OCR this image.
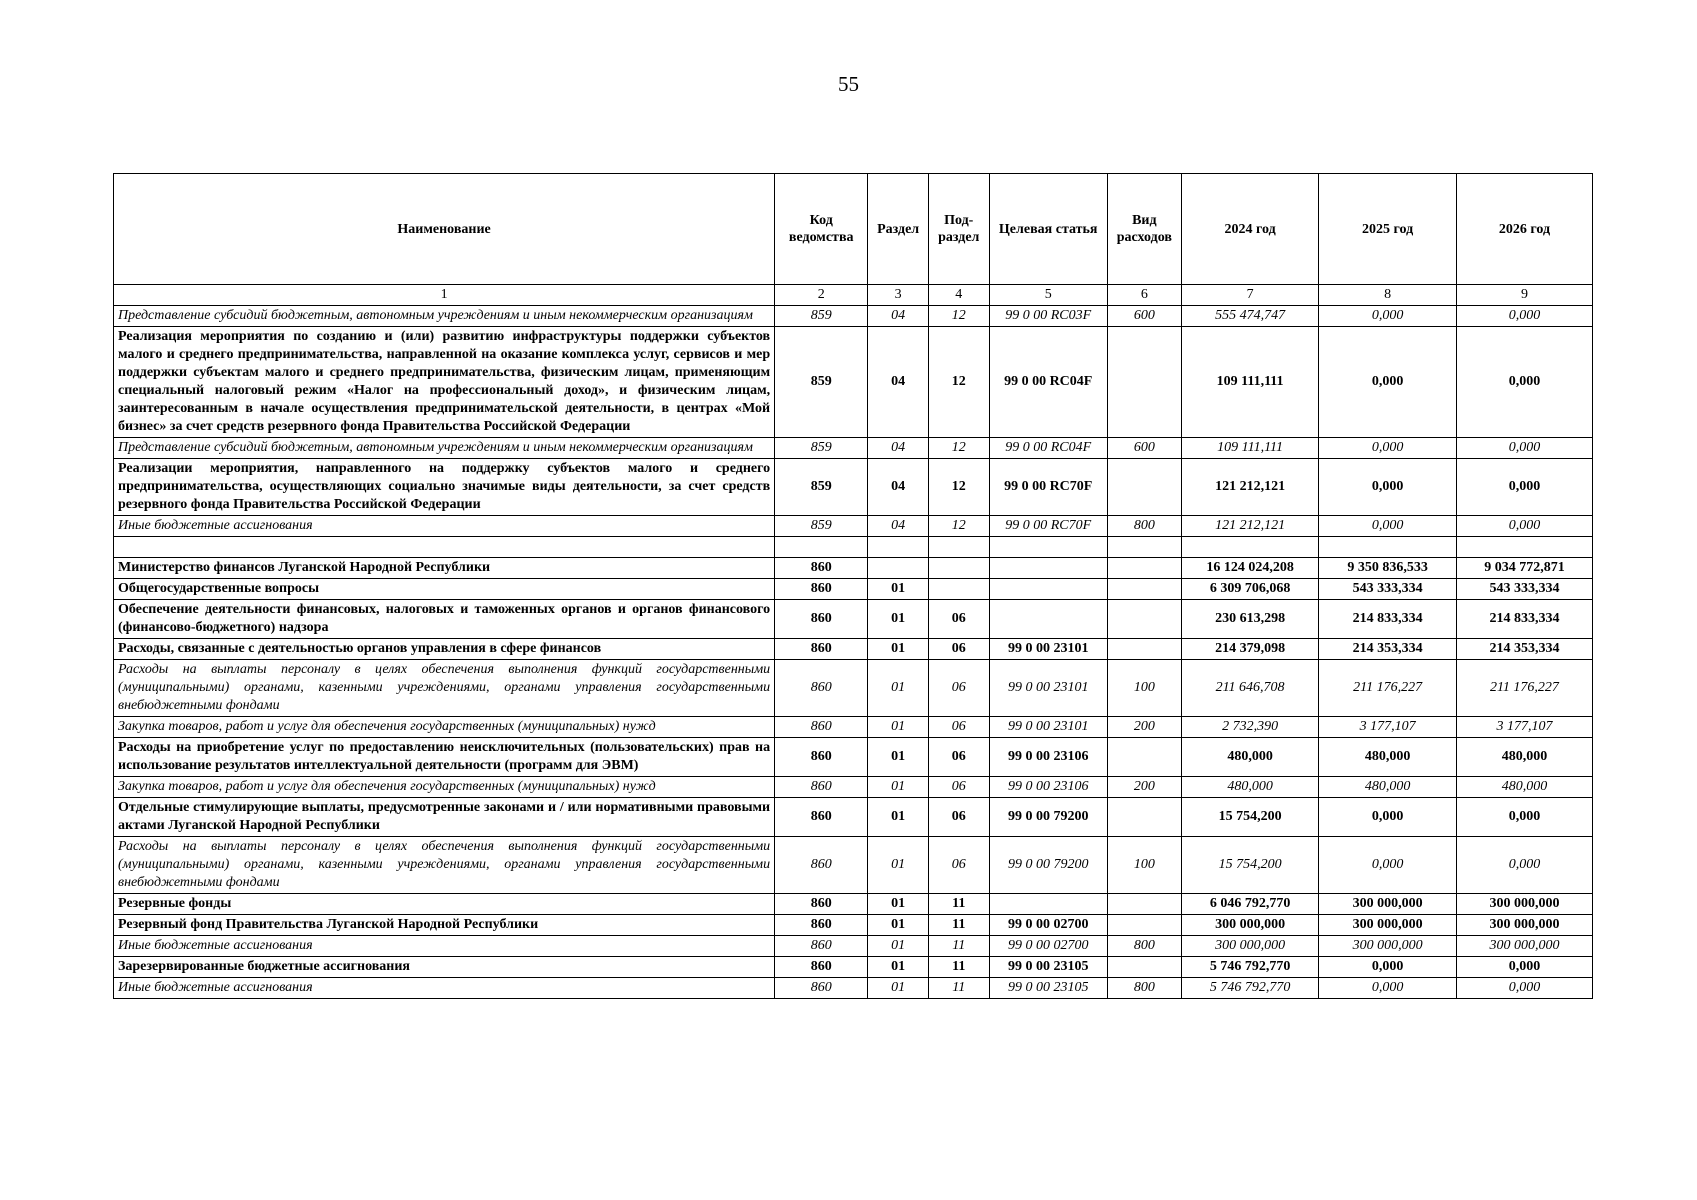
55
Наименование	Код ведомства	Раздел	Под-раздел	Целевая статья	Вид расходов	2024 год	2025 год	2026 год
1	2	3	4	5	6	7	8	9
Представление субсидий бюджетным, автономным учреждениям и иным некоммерческим организациям	859	04	12	99 0 00 RC03F	600	555 474,747	0,000	0,000
Реализация мероприятия по созданию и (или) развитию инфраструктуры поддержки субъектов малого и среднего предпринимательства, направленной на оказание комплекса услуг, сервисов и мер поддержки субъектам малого и среднего предпринимательства, физическим лицам, применяющим специальный налоговый режим «Налог на профессиональный доход», и физическим лицам, заинтересованным в начале осуществления предпринимательской деятельности, в центрах «Мой бизнес» за счет средств резервного фонда Правительства Российской Федерации	859	04	12	99 0 00 RC04F		109 111,111	0,000	0,000
Представление субсидий бюджетным, автономным учреждениям и иным некоммерческим организациям	859	04	12	99 0 00 RC04F	600	109 111,111	0,000	0,000
Реализации мероприятия, направленного на поддержку субъектов малого и среднего предпринимательства, осуществляющих социально значимые виды деятельности, за счет средств резервного фонда Правительства Российской Федерации	859	04	12	99 0 00 RC70F		121 212,121	0,000	0,000
Иные бюджетные ассигнования	859	04	12	99 0 00 RC70F	800	121 212,121	0,000	0,000

Министерство финансов Луганской Народной Республики	860					16 124 024,208	9 350 836,533	9 034 772,871
Общегосударственные вопросы	860	01				6 309 706,068	543 333,334	543 333,334
Обеспечение деятельности финансовых, налоговых и таможенных органов и органов финансового (финансово-бюджетного) надзора	860	01	06			230 613,298	214 833,334	214 833,334
Расходы, связанные с деятельностью органов управления в сфере финансов	860	01	06	99 0 00 23101		214 379,098	214 353,334	214 353,334
Расходы на выплаты персоналу в целях обеспечения выполнения функций государственными (муниципальными) органами, казенными учреждениями, органами управления государственными внебюджетными фондами	860	01	06	99 0 00 23101	100	211 646,708	211 176,227	211 176,227
Закупка товаров, работ и услуг для обеспечения государственных (муниципальных) нужд	860	01	06	99 0 00 23101	200	2 732,390	3 177,107	3 177,107
Расходы на приобретение услуг по предоставлению неисключительных (пользовательских) прав на использование результатов интеллектуальной деятельности (программ для ЭВМ)	860	01	06	99 0 00 23106		480,000	480,000	480,000
Закупка товаров, работ и услуг для обеспечения государственных (муниципальных) нужд	860	01	06	99 0 00 23106	200	480,000	480,000	480,000
Отдельные стимулирующие выплаты, предусмотренные законами и / или нормативными правовыми актами Луганской Народной Республики	860	01	06	99 0 00 79200		15 754,200	0,000	0,000
Расходы на выплаты персоналу в целях обеспечения выполнения функций государственными (муниципальными) органами, казенными учреждениями, органами управления государственными внебюджетными фондами	860	01	06	99 0 00 79200	100	15 754,200	0,000	0,000
Резервные фонды	860	01	11			6 046 792,770	300 000,000	300 000,000
Резервный фонд Правительства Луганской Народной Республики	860	01	11	99 0 00 02700		300 000,000	300 000,000	300 000,000
Иные бюджетные ассигнования	860	01	11	99 0 00 02700	800	300 000,000	300 000,000	300 000,000
Зарезервированные бюджетные ассигнования	860	01	11	99 0 00 23105		5 746 792,770	0,000	0,000
Иные бюджетные ассигнования	860	01	11	99 0 00 23105	800	5 746 792,770	0,000	0,000
